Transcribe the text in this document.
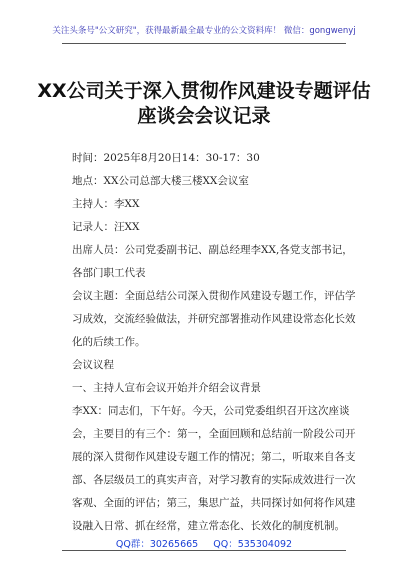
关注头条号"公文研究"，获得最新最全最专业的公文资料库！ 微信：gongwenyj
XX公司关于深入贯彻作风建设专题评估座谈会会议记录
时间：2025年8月20日14：30-17：30
地点：XX公司总部大楼三楼XX会议室
主持人：李XX
记录人：汪XX
出席人员：公司党委副书记、副总经理李XX,各党支部书记，各部门职工代表
会议主题：全面总结公司深入贯彻作风建设专题工作，评估学习成效，交流经验做法，并研究部署推动作风建设常态化长效化的后续工作。
会议议程
一、主持人宣布会议开始并介绍会议背景
李XX：同志们，下午好。今天，公司党委组织召开这次座谈会，主要目的有三个：第一，全面回顾和总结前一阶段公司开展的深入贯彻作风建设专题工作的情况；第二，听取来自各支部、各层级员工的真实声音，对学习教育的实际成效进行一次客观、全面的评估；第三，集思广益，共同探讨如何将作风建设融入日常、抓在经常，建立常态化、长效化的制度机制。
QQ群：30265665 QQ：535304092
